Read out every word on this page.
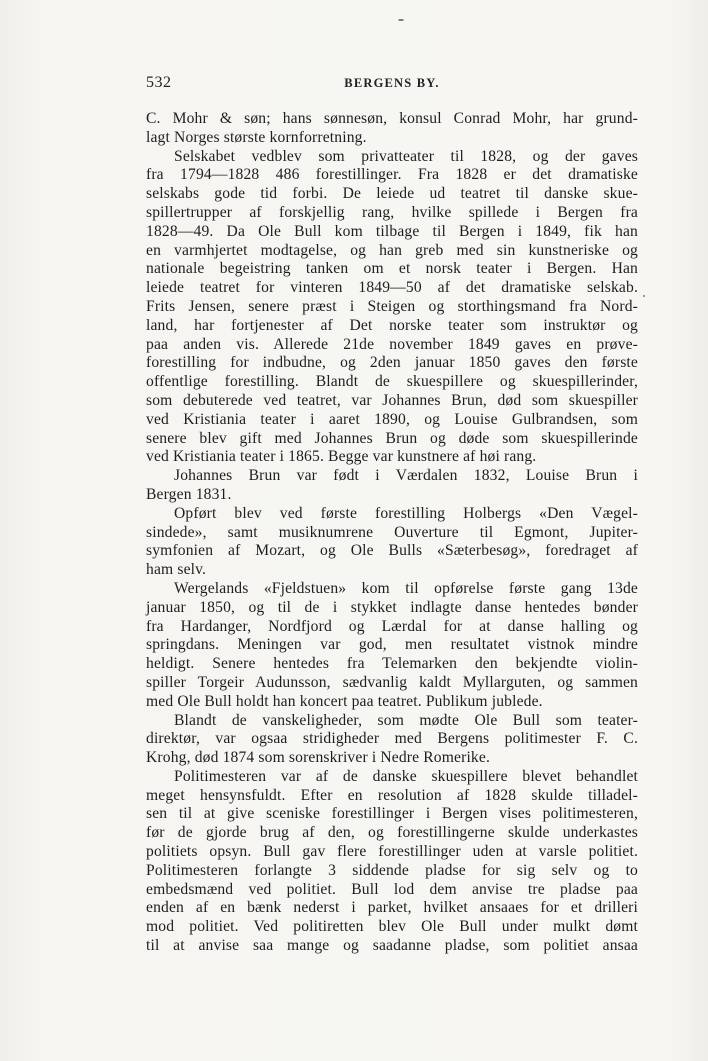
532	BERGENS BY.
C. Mohr & søn; hans sønnesøn, konsul Conrad Mohr, har grund-
lagt Norges største kornforretning.
Selskabet vedblev som privatteater til 1828, og der gaves
fra 1794—1828 486 forestillinger. Fra 1828 er det dramatiske
selskabs gode tid forbi. De leiede ud teatret til danske skue-
spillertrupper af forskjellig rang, hvilke spillede i Bergen fra
1828—49. Da Ole Bull kom tilbage til Bergen i 1849, fik han
en varmhjertet modtagelse, og han greb med sin kunstneriske og
nationale begeistring tanken om et norsk teater i Bergen. Han
leiede teatret for vinteren 1849—50 af det dramatiske selskab.
Frits Jensen, senere præst i Steigen og storthingsmand fra Nord-
land, har fortjenester af Det norske teater som instruktør og
paa anden vis. Allerede 21de november 1849 gaves en prøve-
forestilling for indbudne, og 2den januar 1850 gaves den første
offentlige forestilling. Blandt de skuespillere og skuespillerinder,
som debuterede ved teatret, var Johannes Brun, død som skuespiller
ved Kristiania teater i aaret 1890, og Louise Gulbrandsen, som
senere blev gift med Johannes Brun og døde som skuespillerinde
ved Kristiania teater i 1865. Begge var kunstnere af høi rang.
Johannes Brun var født i Værdalen 1832, Louise Brun i
Bergen 1831.
Opført blev ved første forestilling Holbergs «Den Vægel-
sindede», samt musiknumrene Ouverture til Egmont, Jupiter-
symfonien af Mozart, og Ole Bulls «Sæterbesøg», foredraget af
ham selv.
Wergelands «Fjeldstuen» kom til opførelse første gang 13de
januar 1850, og til de i stykket indlagte danse hentedes bønder
fra Hardanger, Nordfjord og Lærdal for at danse halling og
springdans. Meningen var god, men resultatet vistnok mindre
heldigt. Senere hentedes fra Telemarken den bekjendte violin-
spiller Torgeir Audunsson, sædvanlig kaldt Myllarguten, og sammen
med Ole Bull holdt han koncert paa teatret. Publikum jublede.
Blandt de vanskeligheder, som mødte Ole Bull som teater-
direktør, var ogsaa stridigheder med Bergens politimester F. C.
Krohg, død 1874 som sorenskriver i Nedre Romerike.
Politimesteren var af de danske skuespillere blevet behandlet
meget hensynsfuldt. Efter en resolution af 1828 skulde tilladel-
sen til at give sceniske forestillinger i Bergen vises politimesteren,
før de gjorde brug af den, og forestillingerne skulde underkastes
politiets opsyn. Bull gav flere forestillinger uden at varsle politiet.
Politimesteren forlangte 3 siddende pladse for sig selv og to
embedsmænd ved politiet. Bull lod dem anvise tre pladse paa
enden af en bænk nederst i parket, hvilket ansaaes for et drilleri
mod politiet. Ved politiretten blev Ole Bull under mulkt dømt
til at anvise saa mange og saadanne pladse, som politiet ansaa
